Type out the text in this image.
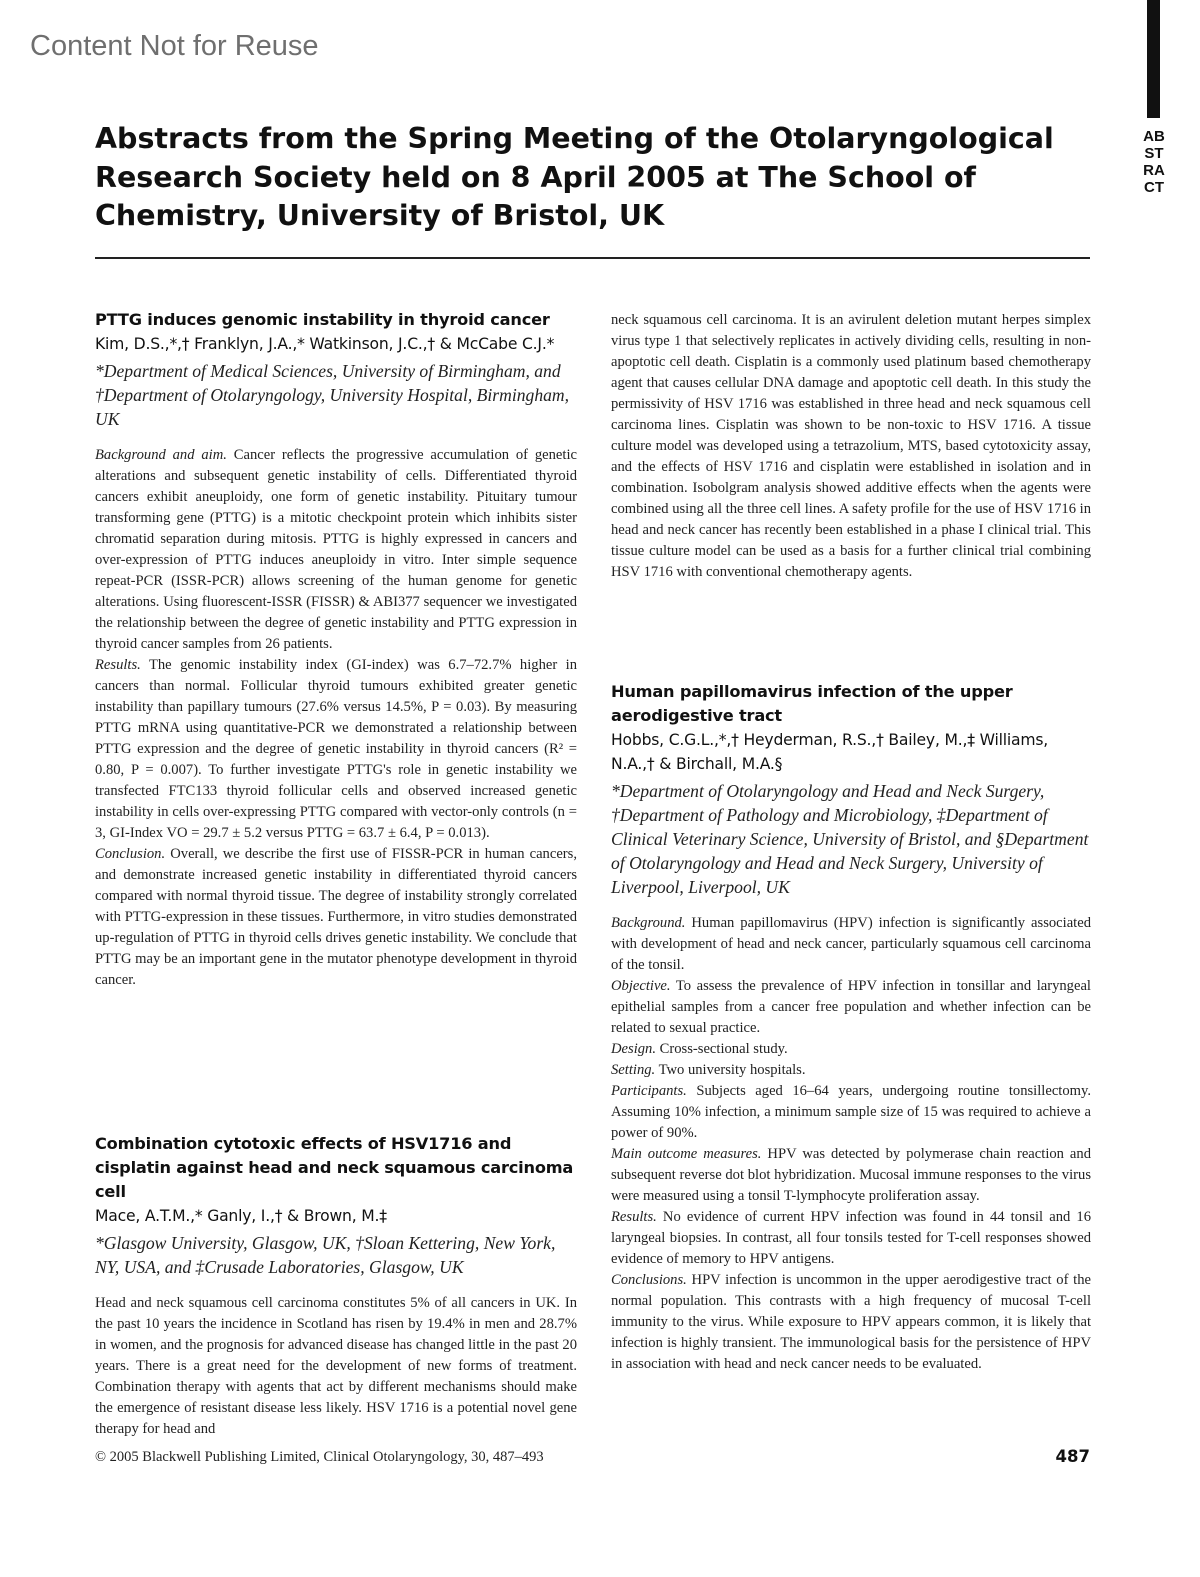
Content Not for Reuse
ABSTRACT
Abstracts from the Spring Meeting of the Otolaryngological Research Society held on 8 April 2005 at The School of Chemistry, University of Bristol, UK
PTTG induces genomic instability in thyroid cancer
Kim, D.S.,*,† Franklyn, J.A.,* Watkinson, J.C.,† & McCabe C.J.*
*Department of Medical Sciences, University of Birmingham, and †Department of Otolaryngology, University Hospital, Birmingham, UK

Background and aim. Cancer reflects the progressive accumulation of genetic alterations and subsequent genetic instability of cells. Differentiated thyroid cancers exhibit aneuploidy, one form of genetic instability. Pituitary tumour transforming gene (PTTG) is a mitotic checkpoint protein which inhibits sister chromatid separation during mitosis. PTTG is highly expressed in cancers and over-expression of PTTG induces aneuploidy in vitro. Inter simple sequence repeat-PCR (ISSR-PCR) allows screening of the human genome for genetic alterations. Using fluorescent-ISSR (FISSR) & ABI377 sequencer we investigated the relationship between the degree of genetic instability and PTTG expression in thyroid cancer samples from 26 patients.

Results. The genomic instability index (GI-index) was 6.7–72.7% higher in cancers than normal. Follicular thyroid tumours exhibited greater genetic instability than papillary tumours (27.6% versus 14.5%, P = 0.03). By measuring PTTG mRNA using quantitative-PCR we demonstrated a relationship between PTTG expression and the degree of genetic instability in thyroid cancers (R² = 0.80, P = 0.007). To further investigate PTTG's role in genetic instability we transfected FTC133 thyroid follicular cells and observed increased genetic instability in cells over-expressing PTTG compared with vector-only controls (n = 3, GI-Index VO = 29.7 ± 5.2 versus PTTG = 63.7 ± 6.4, P = 0.013).

Conclusion. Overall, we describe the first use of FISSR-PCR in human cancers, and demonstrate increased genetic instability in differentiated thyroid cancers compared with normal thyroid tissue. The degree of instability strongly correlated with PTTG-expression in these tissues. Furthermore, in vitro studies demonstrated up-regulation of PTTG in thyroid cells drives genetic instability. We conclude that PTTG may be an important gene in the mutator phenotype development in thyroid cancer.

Combination cytotoxic effects of HSV1716 and cisplatin against head and neck squamous carcinoma cell
Mace, A.T.M.,* Ganly, I.,† & Brown, M.‡
*Glasgow University, Glasgow, UK, †Sloan Kettering, New York, NY, USA, and ‡Crusade Laboratories, Glasgow, UK

Head and neck squamous cell carcinoma constitutes 5% of all cancers in UK. In the past 10 years the incidence in Scotland has risen by 19.4% in men and 28.7% in women, and the prognosis for advanced disease has changed little in the past 20 years. There is a great need for the development of new forms of treatment. Combination therapy with agents that act by different mechanisms should make the emergence of resistant disease less likely. HSV 1716 is a potential novel gene therapy for head and

neck squamous cell carcinoma. It is an avirulent deletion mutant herpes simplex virus type 1 that selectively replicates in actively dividing cells, resulting in non-apoptotic cell death. Cisplatin is a commonly used platinum based chemotherapy agent that causes cellular DNA damage and apoptotic cell death. In this study the permissivity of HSV 1716 was established in three head and neck squamous cell carcinoma lines. Cisplatin was shown to be non-toxic to HSV 1716. A tissue culture model was developed using a tetrazolium, MTS, based cytotoxicity assay, and the effects of HSV 1716 and cisplatin were established in isolation and in combination. Isobolgram analysis showed additive effects when the agents were combined using all the three cell lines. A safety profile for the use of HSV 1716 in head and neck cancer has recently been established in a phase I clinical trial. This tissue culture model can be used as a basis for a further clinical trial combining HSV 1716 with conventional chemotherapy agents.

Human papillomavirus infection of the upper aerodigestive tract
Hobbs, C.G.L.,*,† Heyderman, R.S.,† Bailey, M.,‡ Williams, N.A.,† & Birchall, M.A.§
*Department of Otolaryngology and Head and Neck Surgery, †Department of Pathology and Microbiology, ‡Department of Clinical Veterinary Science, University of Bristol, and §Department of Otolaryngology and Head and Neck Surgery, University of Liverpool, Liverpool, UK

Background. Human papillomavirus (HPV) infection is significantly associated with development of head and neck cancer, particularly squamous cell carcinoma of the tonsil.

Objective. To assess the prevalence of HPV infection in tonsillar and laryngeal epithelial samples from a cancer free population and whether infection can be related to sexual practice.

Design. Cross-sectional study.

Setting. Two university hospitals.

Participants. Subjects aged 16–64 years, undergoing routine tonsillectomy. Assuming 10% infection, a minimum sample size of 15 was required to achieve a power of 90%.

Main outcome measures. HPV was detected by polymerase chain reaction and subsequent reverse dot blot hybridization. Mucosal immune responses to the virus were measured using a tonsil T-lymphocyte proliferation assay.

Results. No evidence of current HPV infection was found in 44 tonsil and 16 laryngeal biopsies. In contrast, all four tonsils tested for T-cell responses showed evidence of memory to HPV antigens.

Conclusions. HPV infection is uncommon in the upper aerodigestive tract of the normal population. This contrasts with a high frequency of mucosal T-cell immunity to the virus. While exposure to HPV appears common, it is likely that infection is highly transient. The immunological basis for the persistence of HPV in association with head and neck cancer needs to be evaluated.

© 2005 Blackwell Publishing Limited, Clinical Otolaryngology, 30, 487–493	487
